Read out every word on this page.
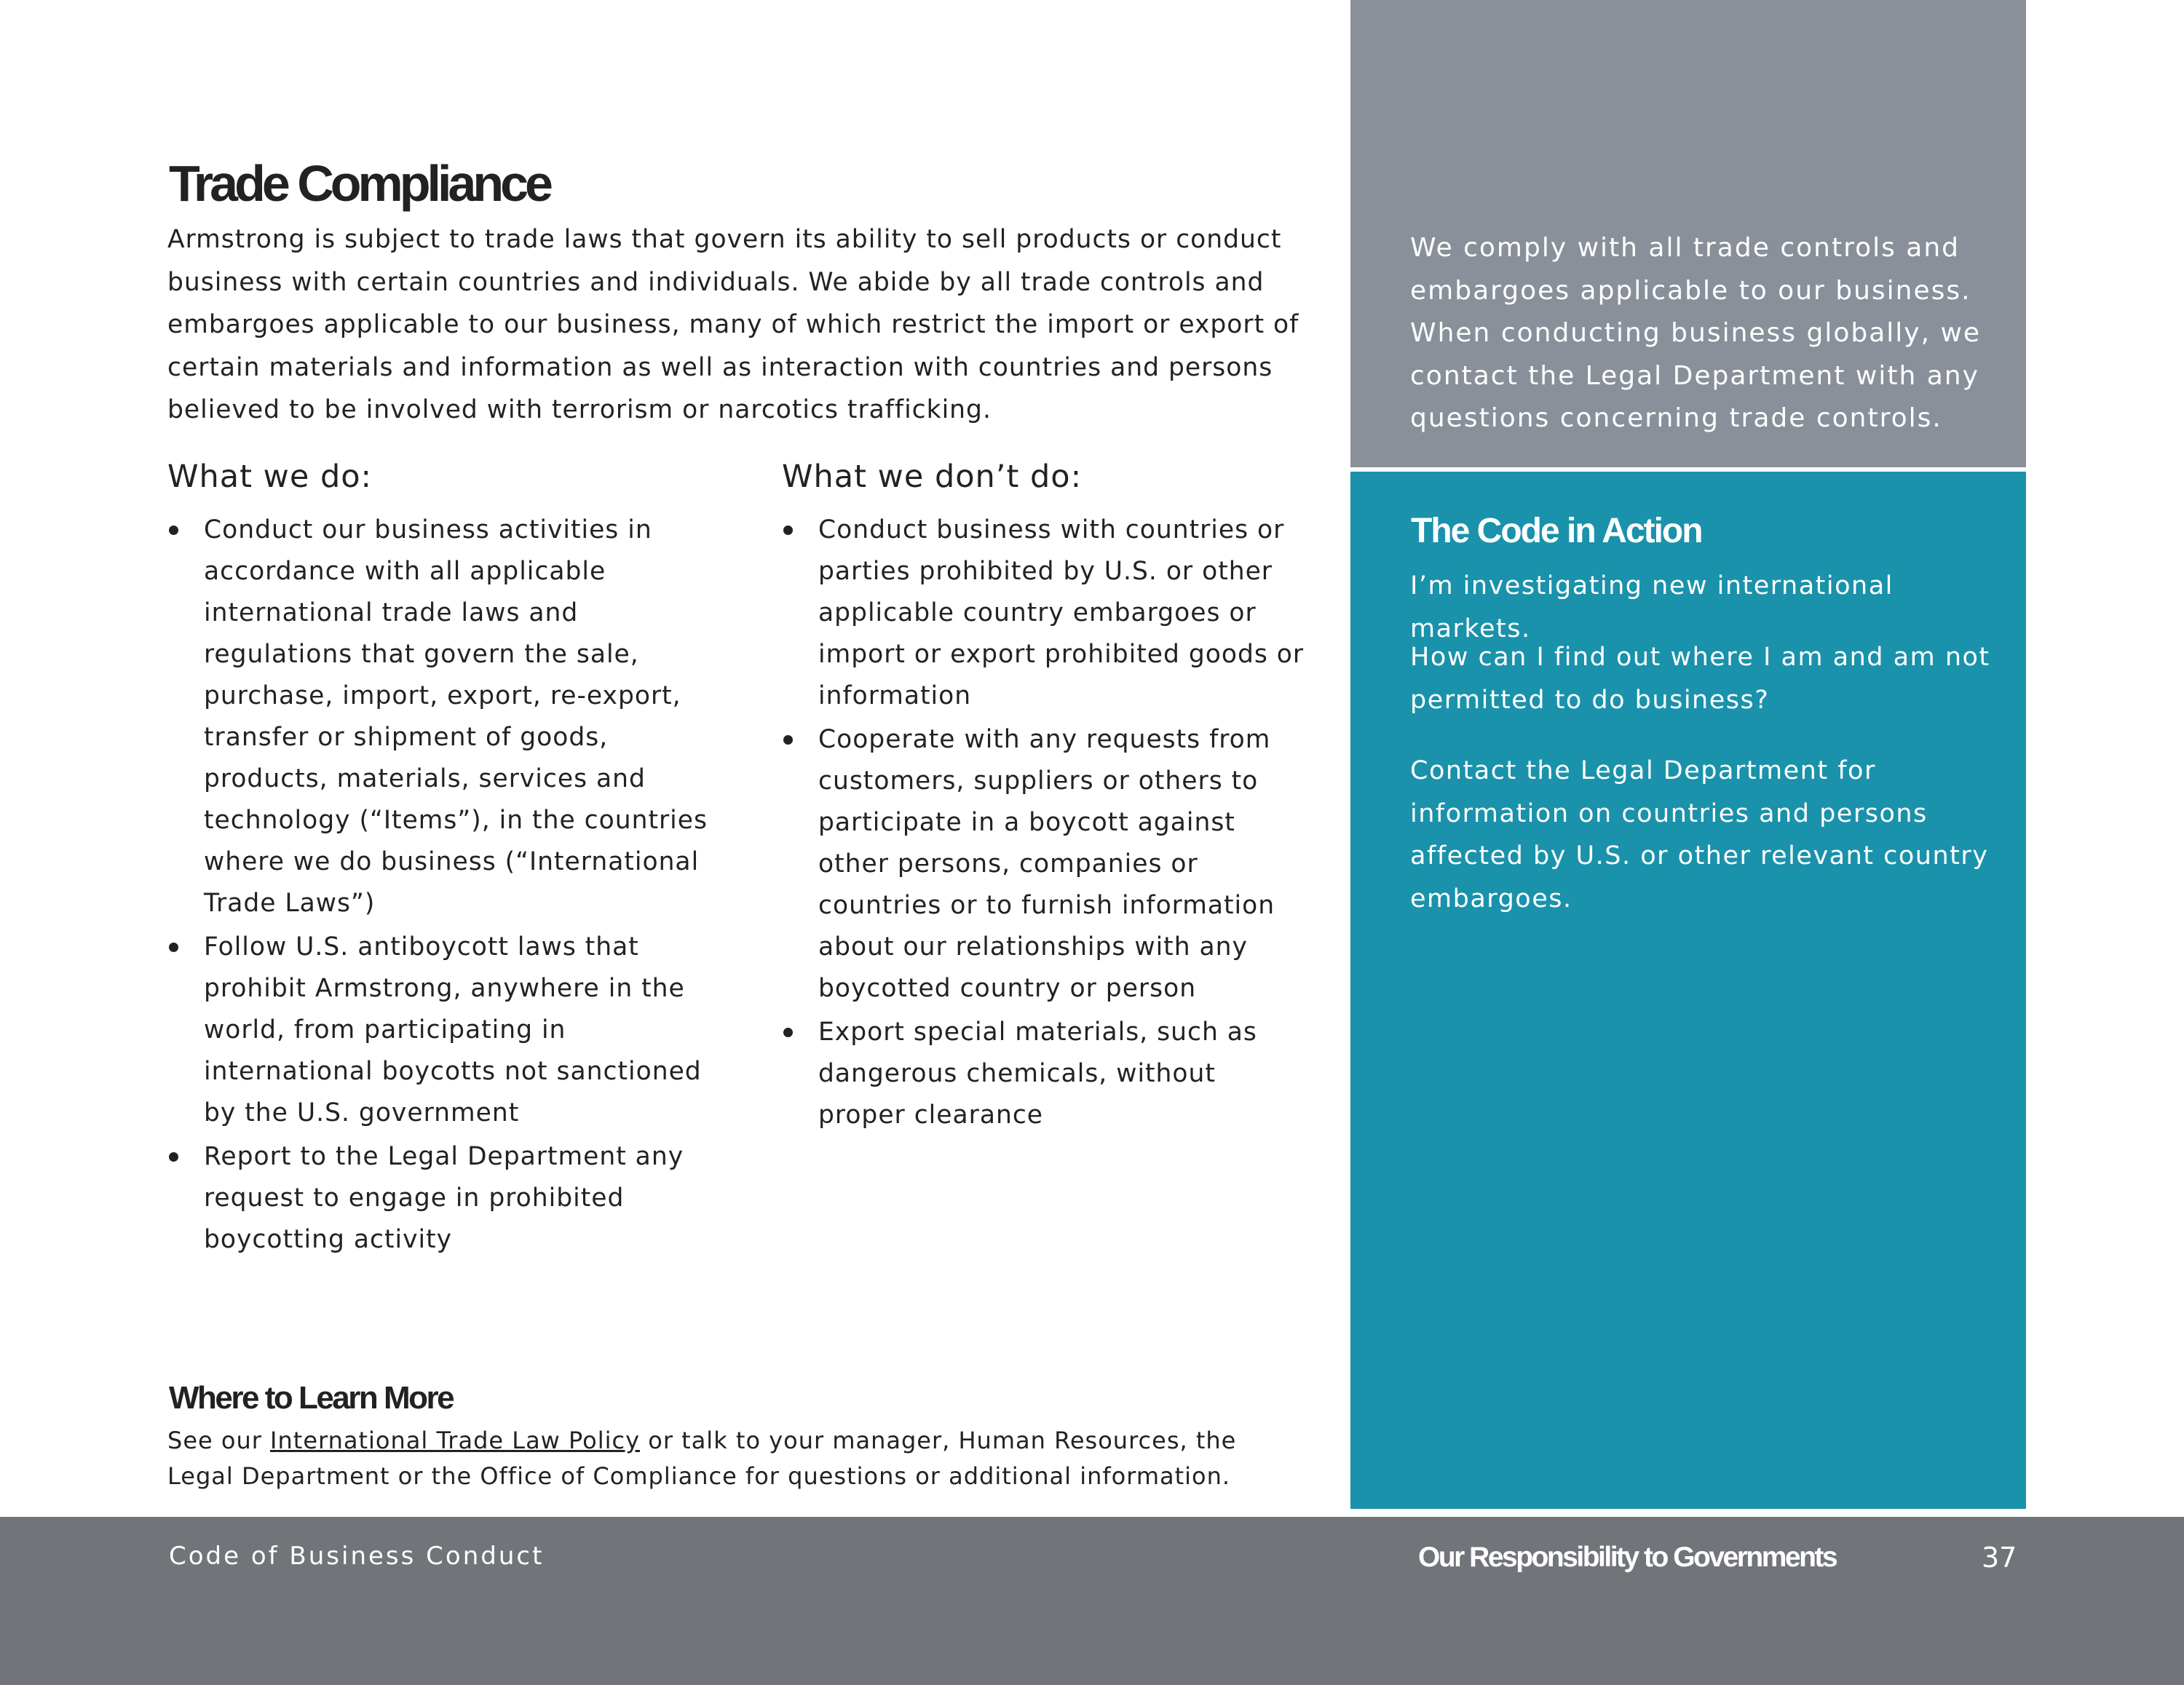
Trade Compliance

Armstrong is subject to trade laws that govern its ability to sell products or conduct business with certain countries and individuals. We abide by all trade controls and embargoes applicable to our business, many of which restrict the import or export of certain materials and information as well as interaction with countries and persons believed to be involved with terrorism or narcotics trafficking.

What we do:
Conduct our business activities in accordance with all applicable international trade laws and regulations that govern the sale, purchase, import, export, re-export, transfer or shipment of goods, products, materials, services and technology (“Items”), in the countries where we do business (“International Trade Laws”)
Follow U.S. antiboycott laws that prohibit Armstrong, anywhere in the world, from participating in international boycotts not sanctioned by the U.S. government
Report to the Legal Department any request to engage in prohibited boycotting activity
What we don’t do:
Conduct business with countries or parties prohibited by U.S. or other applicable country embargoes or import or export prohibited goods or information
Cooperate with any requests from customers, suppliers or others to participate in a boycott against other persons, companies or countries or to furnish information about our relationships with any boycotted country or person
Export special materials, such as dangerous chemicals, without proper clearance
Where to Learn More

See our International Trade Law Policy or talk to your manager, Human Resources, the Legal Department or the Office of Compliance for questions or additional information.

We comply with all trade controls and embargoes applicable to our business. When conducting business globally, we contact the Legal Department with any questions concerning trade controls.

The Code in Action

I’m investigating new international markets.

How can I find out where I am and am not permitted to do business?

Contact the Legal Department for information on countries and persons affected by U.S. or other relevant country embargoes.

Code of Business Conduct	Our Responsibility to Governments	37
